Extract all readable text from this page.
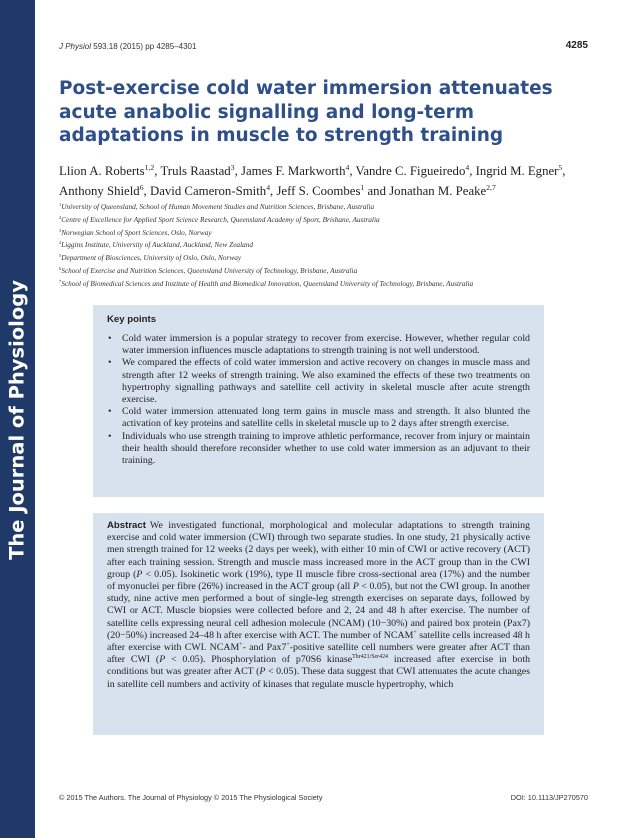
The Journal of Physiology
J Physiol 593.18 (2015) pp 4285–4301	4285
Post-exercise cold water immersion attenuates acute anabolic signalling and long-term adaptations in muscle to strength training
Llion A. Roberts$^{1,2}$, Truls Raastad$^3$, James F. Markworth$^4$, Vandre C. Figueiredo$^4$, Ingrid M. Egner$^5$,
Anthony Shield$^6$, David Cameron-Smith$^4$, Jeff S. Coombes$^1$ and Jonathan M. Peake$^{2,7}$
$^1$University of Queensland, School of Human Movement Studies and Nutrition Sciences, Brisbane, Australia
$^2$Centre of Excellence for Applied Sport Science Research, Queensland Academy of Sport, Brisbane, Australia
$^3$Norwegian School of Sport Sciences, Oslo, Norway
$^4$Liggins Institute, University of Auckland, Auckland, New Zealand
$^5$Department of Biosciences, University of Oslo, Oslo, Norway
$^6$School of Exercise and Nutrition Sciences, Queensland University of Technology, Brisbane, Australia
$^7$School of Biomedical Sciences and Institute of Health and Biomedical Innovation, Queensland University of Technology, Brisbane, Australia
Key points
• Cold water immersion is a popular strategy to recover from exercise. However, whether regular cold water immersion influences muscle adaptations to strength training is not well understood.
• We compared the effects of cold water immersion and active recovery on changes in muscle mass and strength after 12 weeks of strength training. We also examined the effects of these two treatments on hypertrophy signalling pathways and satellite cell activity in skeletal muscle after acute strength exercise.
• Cold water immersion attenuated long term gains in muscle mass and strength. It also blunted the activation of key proteins and satellite cells in skeletal muscle up to 2 days after strength exercise.
• Individuals who use strength training to improve athletic performance, recover from injury or maintain their health should therefore reconsider whether to use cold water immersion as an adjuvant to their training.
Abstract We investigated functional, morphological and molecular adaptations to strength training exercise and cold water immersion (CWI) through two separate studies. In one study, 21 physically active men strength trained for 12 weeks (2 days per week), with either 10 min of CWI or active recovery (ACT) after each training session. Strength and muscle mass increased more in the ACT group than in the CWI group (P < 0.05). Isokinetic work (19%), type II muscle fibre cross-sectional area (17%) and the number of myonuclei per fibre (26%) increased in the ACT group (all P < 0.05), but not the CWI group. In another study, nine active men performed a bout of single-leg strength exercises on separate days, followed by CWI or ACT. Muscle biopsies were collected before and 2, 24 and 48 h after exercise. The number of satellite cells expressing neural cell adhesion molecule (NCAM) (10−30%) and paired box protein (Pax7) (20−50%) increased 24–48 h after exercise with ACT. The number of NCAM+ satellite cells increased 48 h after exercise with CWI. NCAM+- and Pax7+-positive satellite cell numbers were greater after ACT than after CWI (P < 0.05). Phosphorylation of p70S6 kinase$^{Thr421/Ser424}$ increased after exercise in both conditions but was greater after ACT (P < 0.05). These data suggest that CWI attenuates the acute changes in satellite cell numbers and activity of kinases that regulate muscle hypertrophy, which
© 2015 The Authors. The Journal of Physiology © 2015 The Physiological Society	DOI: 10.1113/JP270570
